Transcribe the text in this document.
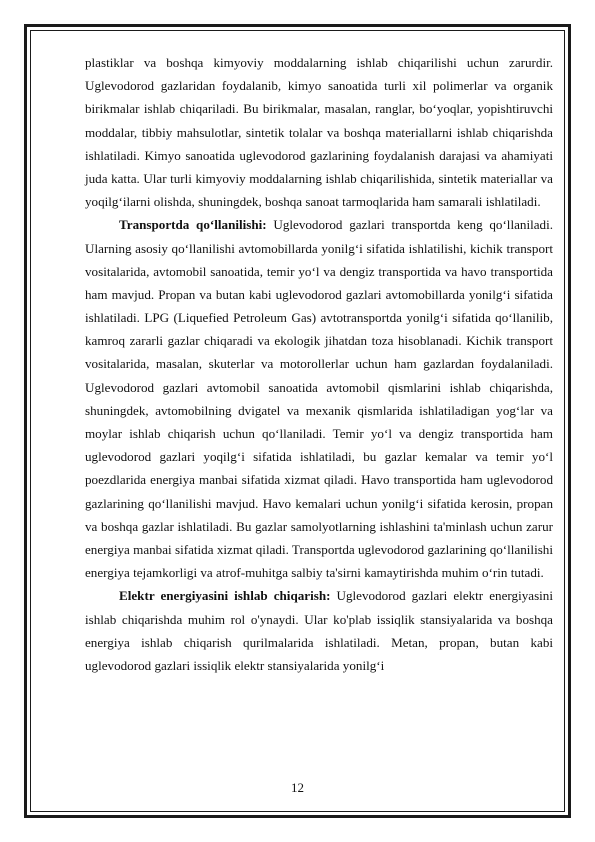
plastiklar va boshqa kimyoviy moddalarning ishlab chiqarilishi uchun zarurdir. Uglevodorod gazlaridan foydalanib, kimyo sanoatida turli xil polimerlar va organik birikmalar ishlab chiqariladi. Bu birikmalar, masalan, ranglar, bo‘yoqlar, yopishtiruvchi moddalar, tibbiy mahsulotlar, sintetik tolalar va boshqa materiallarni ishlab chiqarishda ishlatiladi. Kimyo sanoatida uglevodorod gazlarining foydalanish darajasi va ahamiyati juda katta. Ular turli kimyoviy moddalarning ishlab chiqarilishida, sintetik materiallar va yoqilg‘ilarni olishda, shuningdek, boshqa sanoat tarmoqlarida ham samarali ishlatiladi.

Transportda qo‘llanilishi: Uglevodorod gazlari transportda keng qo‘llaniladi. Ularning asosiy qo‘llanilishi avtomobillarda yonilg‘i sifatida ishlatilishi, kichik transport vositalarida, avtomobil sanoatida, temir yo‘l va dengiz transportida va havo transportida ham mavjud. Propan va butan kabi uglevodorod gazlari avtomobillarda yonilg‘i sifatida ishlatiladi. LPG (Liquefied Petroleum Gas) avtotransportda yonilg‘i sifatida qo‘llanilib, kamroq zararli gazlar chiqaradi va ekologik jihatdan toza hisoblanadi. Kichik transport vositalarida, masalan, skuterlar va motorollerlar uchun ham gazlardan foydalaniladi. Uglevodorod gazlari avtomobil sanoatida avtomobil qismlarini ishlab chiqarishda, shuningdek, avtomobilning dvigatel va mexanik qismlarida ishlatiladigan yog‘lar va moylar ishlab chiqarish uchun qo‘llaniladi. Temir yo‘l va dengiz transportida ham uglevodorod gazlari yoqilg‘i sifatida ishlatiladi, bu gazlar kemalar va temir yo‘l poezdlarida energiya manbai sifatida xizmat qiladi. Havo transportida ham uglevodorod gazlarining qo‘llanilishi mavjud. Havo kemalari uchun yonilg‘i sifatida kerosin, propan va boshqa gazlar ishlatiladi. Bu gazlar samolyotlarning ishlashini ta'minlash uchun zarur energiya manbai sifatida xizmat qiladi. Transportda uglevodorod gazlarining qo‘llanilishi energiya tejamkorligi va atrof-muhitga salbiy ta'sirni kamaytirishda muhim o‘rin tutadi.

Elektr energiyasini ishlab chiqarish: Uglevodorod gazlari elektr energiyasini ishlab chiqarishda muhim rol o'ynaydi. Ular ko'plab issiqlik stansiyalarida va boshqa energiya ishlab chiqarish qurilmalarida ishlatiladi. Metan, propan, butan kabi uglevodorod gazlari issiqlik elektr stansiyalarida yonilg‘i

12
